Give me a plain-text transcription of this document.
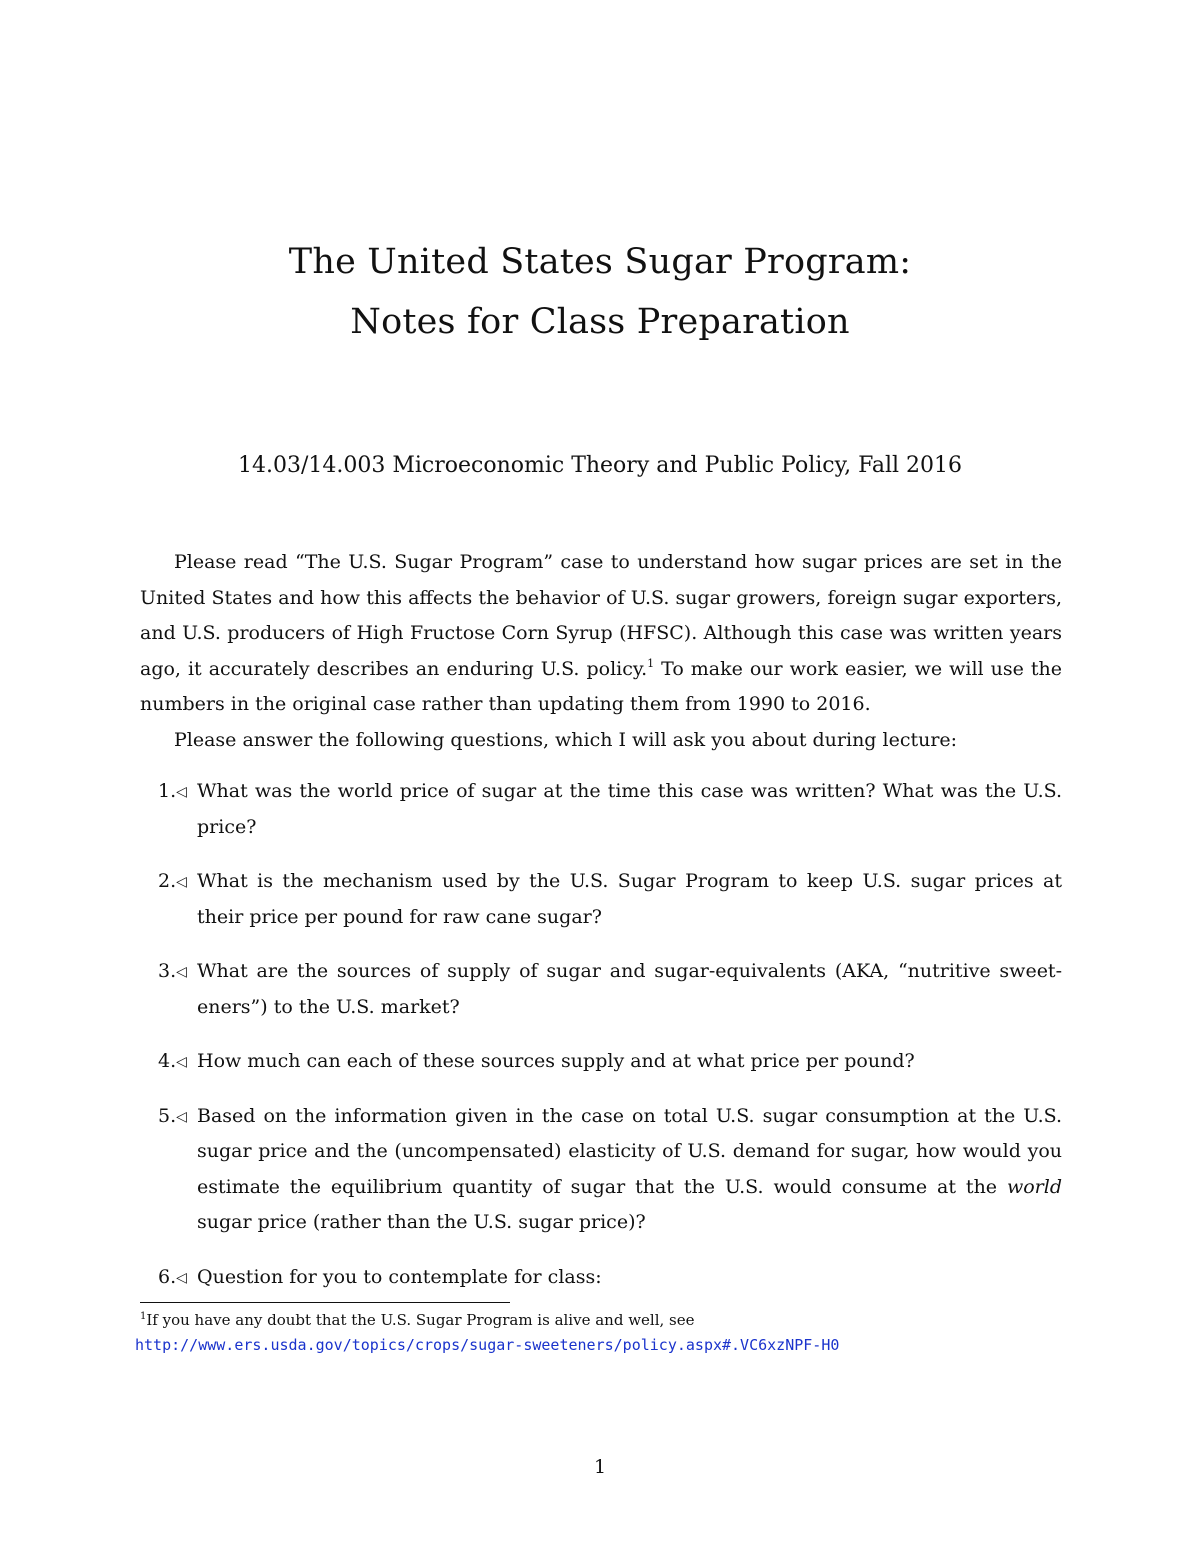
The United States Sugar Program:
Notes for Class Preparation

14.03/14.003 Microeconomic Theory and Public Policy, Fall 2016

Please read “The U.S. Sugar Program” case to understand how sugar prices are set in the United States and how this affects the behavior of U.S. sugar growers, foreign sugar exporters, and U.S. producers of High Fructose Corn Syrup (HFSC). Although this case was written years ago, it accurately describes an enduring U.S. policy.$^1$ To make our work easier, we will use the numbers in the original case rather than updating them from 1990 to 2016.

Please answer the following questions, which I will ask you about during lecture:

1.◁ What was the world price of sugar at the time this case was written? What was the U.S. price?
2.◁ What is the mechanism used by the U.S. Sugar Program to keep U.S. sugar prices at their price per pound for raw cane sugar?
3.◁ What are the sources of supply of sugar and sugar-equivalents (AKA, “nutritive sweet-eners”) to the U.S. market?
4.◁ How much can each of these sources supply and at what price per pound?
5.◁ Based on the information given in the case on total U.S. sugar consumption at the U.S. sugar price and the (uncompensated) elasticity of U.S. demand for sugar, how would you estimate the equilibrium quantity of sugar that the U.S. would consume at the world sugar price (rather than the U.S. sugar price)?
6.◁ Question for you to contemplate for class:
$^1$If you have any doubt that the U.S. Sugar Program is alive and well, see
http://www.ers.usda.gov/topics/crops/sugar-sweeteners/policy.aspx#.VC6xzNPF-H0
1
